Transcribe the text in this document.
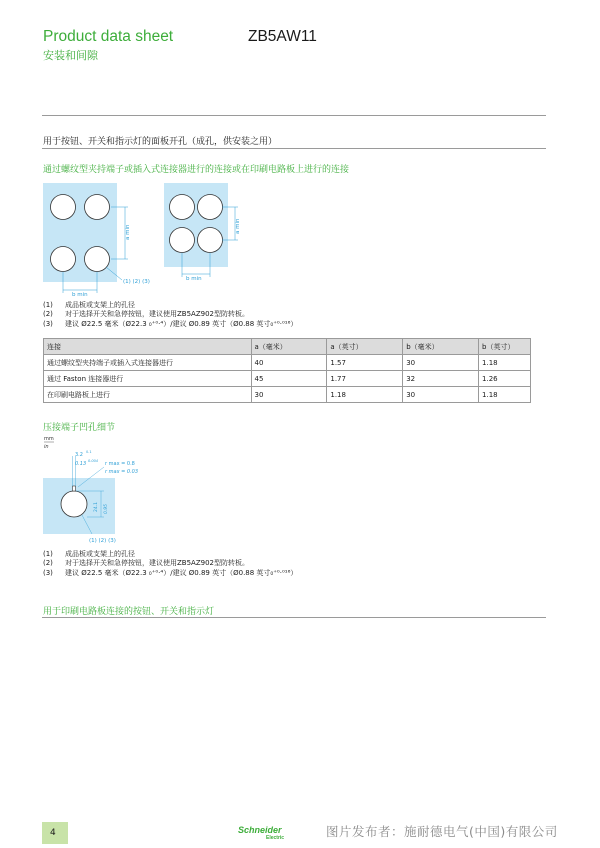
Product data sheet
安装和间隙
ZB5AW11
用于按钮、开关和指示灯的面板开孔（成孔，供安装之用）
通过螺纹型夹持端子或插入式连接器进行的连接或在印刷电路板上进行的连接
a min
b min
(1) (2) (3)
a min
b min
(1)	成品板或支架上的孔径
(2)	对于选择开关和急停按钮，建议使用ZB5AZ902型防转板。
(3)	建议 Ø22.5 毫米（Ø22.3 ₀⁺⁰·⁴）/建议 Ø0.89 英寸（Ø0.88 英寸₀⁺⁰·⁰¹⁶）
连接	a（毫米）	a（英寸）	b（毫米）	b（英寸）
通过螺纹型夹持端子或插入式连接器进行	40	1.57	30	1.18
通过 Faston 连接器进行	45	1.77	32	1.26
在印刷电路板上进行	30	1.18	30	1.18
压接端子凹孔细节
mm
in
3.2 0.1
0.13 0.004 r max = 0.8
r max = 0.03
24.1 0.95
(1) (2) (3)
(1)	成品板或支架上的孔径
(2)	对于选择开关和急停按钮，建议使用ZB5AZ902型防转板。
(3)	建议 Ø22.5 毫米（Ø22.3 ₀⁺⁰·⁴）/建议 Ø0.89 英寸（Ø0.88 英寸₀⁺⁰·⁰¹⁶）
用于印刷电路板连接的按钮、开关和指示灯
4	Schneider
Electric	图片发布者：施耐德电气(中国)有限公司
